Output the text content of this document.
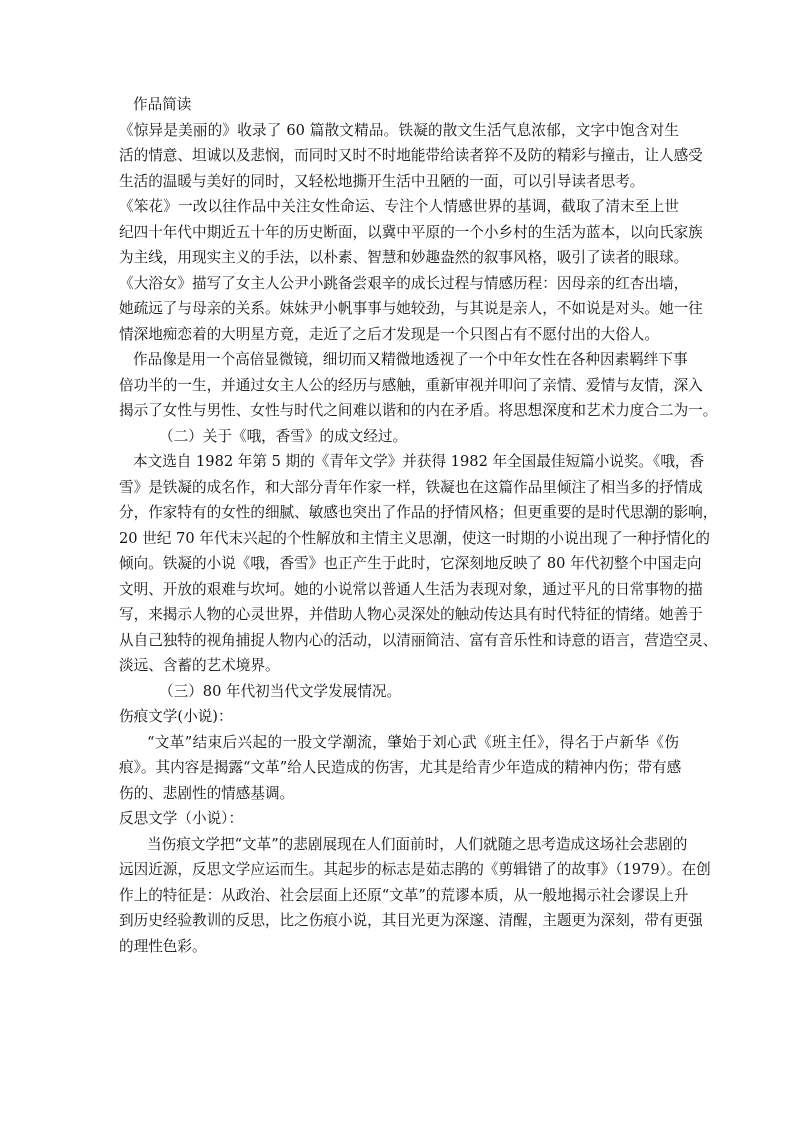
作品简读
《惊异是美丽的》收录了 60 篇散文精品。铁凝的散文生活气息浓郁，文字中饱含对生
活的情意、坦诚以及悲悯，而同时又时不时地能带给读者猝不及防的精彩与撞击，让人感受
生活的温暖与美好的同时，又轻松地撕开生活中丑陋的一面，可以引导读者思考。
《笨花》一改以往作品中关注女性命运、专注个人情感世界的基调，截取了清末至上世
纪四十年代中期近五十年的历史断面，以冀中平原的一个小乡村的生活为蓝本，以向氏家族
为主线，用现实主义的手法，以朴素、智慧和妙趣盎然的叙事风格，吸引了读者的眼球。
《大浴女》描写了女主人公尹小跳备尝艰辛的成长过程与情感历程：因母亲的红杏出墙，
她疏远了与母亲的关系。妹妹尹小帆事事与她较劲，与其说是亲人，不如说是对头。她一往
情深地痴恋着的大明星方竟，走近了之后才发现是一个只图占有不愿付出的大俗人。
作品像是用一个高倍显微镜，细切而又精微地透视了一个中年女性在各种因素羁绊下事
倍功半的一生，并通过女主人公的经历与感触，重新审视并叩问了亲情、爱情与友情，深入
揭示了女性与男性、女性与时代之间难以谐和的内在矛盾。将思想深度和艺术力度合二为一。
（二）关于《哦，香雪》的成文经过。
本文选自 1982 年第 5 期的《青年文学》并获得 1982 年全国最佳短篇小说奖。《哦，香
雪》是铁凝的成名作，和大部分青年作家一样，铁凝也在这篇作品里倾注了相当多的抒情成
分，作家特有的女性的细腻、敏感也突出了作品的抒情风格；但更重要的是时代思潮的影响，
20 世纪 70 年代末兴起的个性解放和主情主义思潮，使这一时期的小说出现了一种抒情化的
倾向。铁凝的小说《哦，香雪》也正产生于此时，它深刻地反映了 80 年代初整个中国走向
文明、开放的艰难与坎坷。她的小说常以普通人生活为表现对象，通过平凡的日常事物的描
写，来揭示人物的心灵世界，并借助人物心灵深处的触动传达具有时代特征的情绪。她善于
从自己独特的视角捕捉人物内心的活动，以清丽简洁、富有音乐性和诗意的语言，营造空灵、
淡远、含蓄的艺术境界。
（三）80 年代初当代文学发展情况。
伤痕文学(小说)：
“文革”结束后兴起的一股文学潮流，肇始于刘心武《班主任》，得名于卢新华《伤
痕》。其内容是揭露“文革”给人民造成的伤害，尤其是给青少年造成的精神内伤；带有感
伤的、悲剧性的情感基调。
反思文学（小说）：
当伤痕文学把“文革”的悲剧展现在人们面前时，人们就随之思考造成这场社会悲剧的
远因近源，反思文学应运而生。其起步的标志是茹志鹃的《剪辑错了的故事》（1979）。在创
作上的特征是：从政治、社会层面上还原“文革”的荒谬本质，从一般地揭示社会谬误上升
到历史经验教训的反思，比之伤痕小说，其目光更为深邃、清醒，主题更为深刻，带有更强
的理性色彩。
